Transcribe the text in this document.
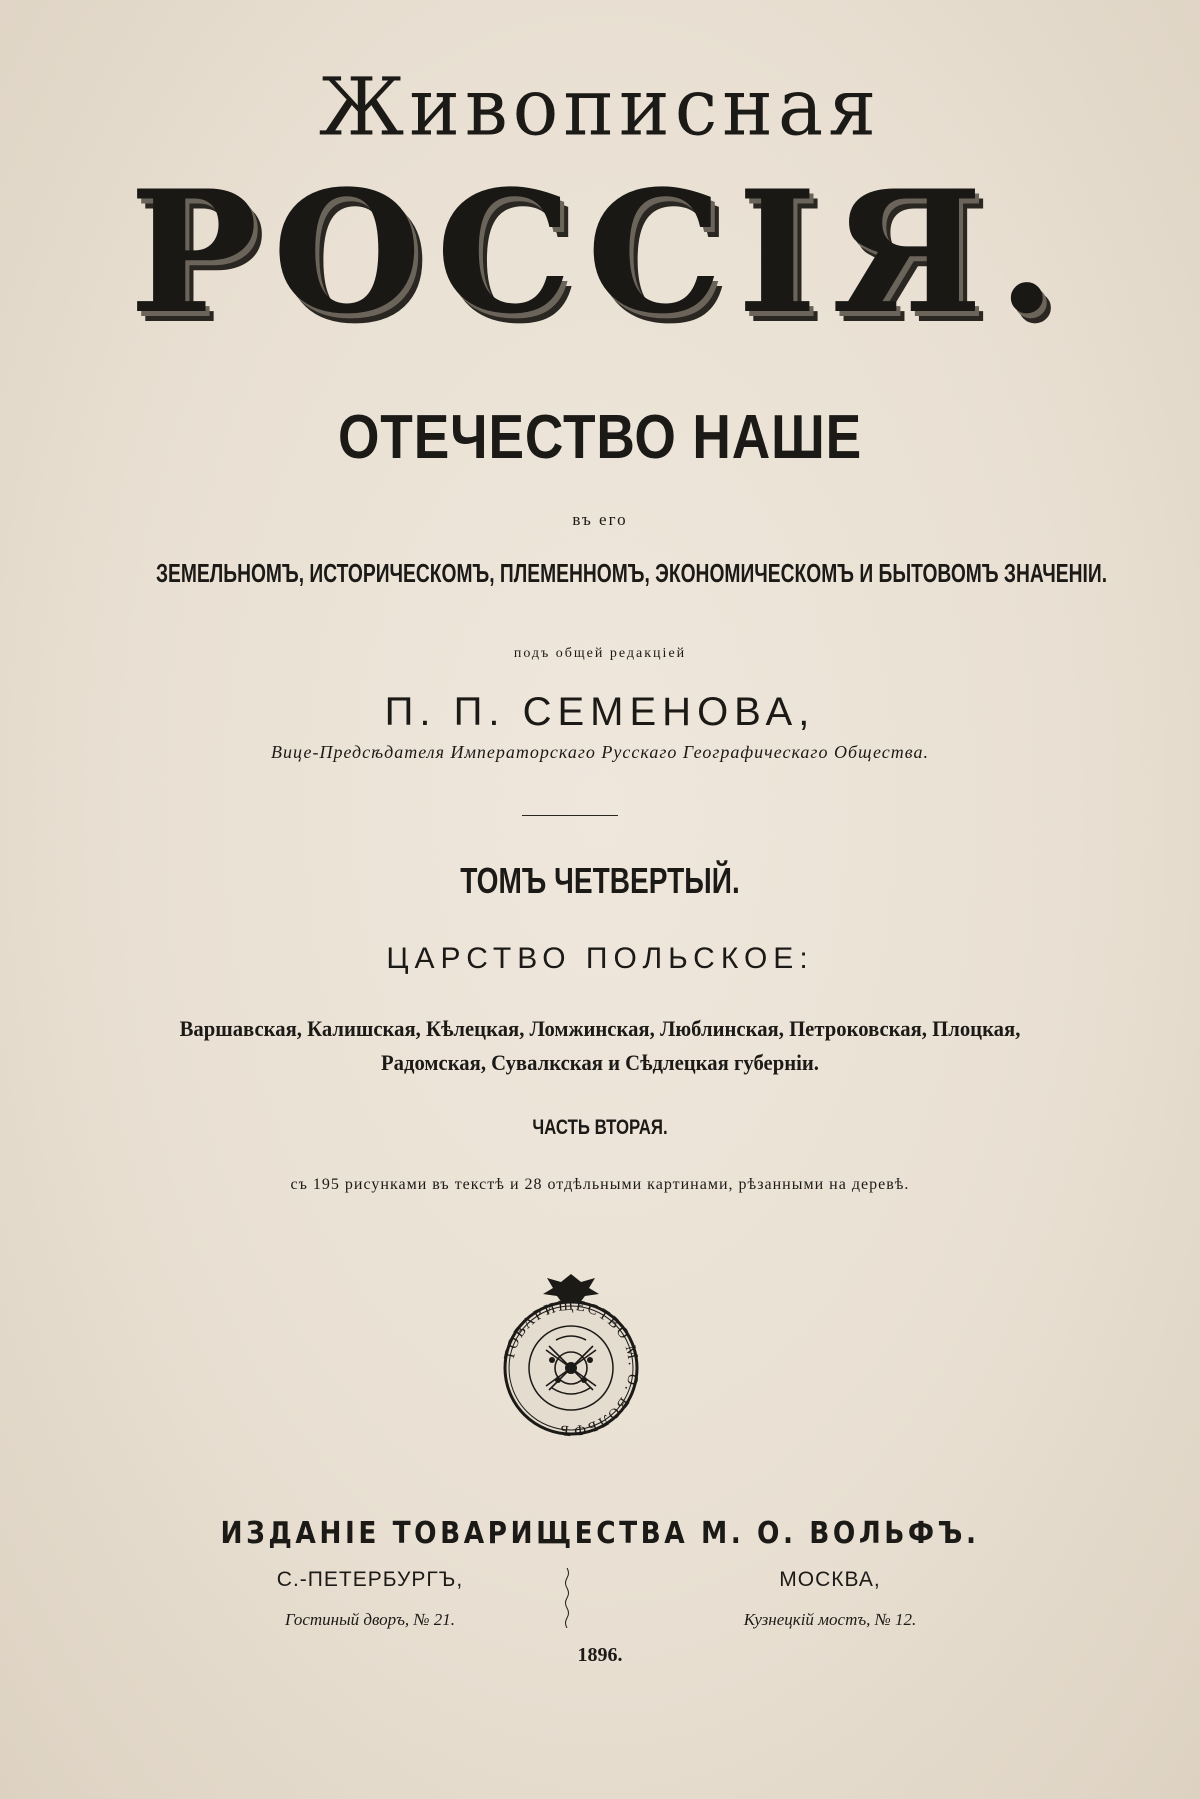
Живописная
РОССІЯ.
ОТЕЧЕСТВО НАШЕ
въ его
ЗЕМЕЛЬНОМЪ, ИСТОРИЧЕСКОМЪ, ПЛЕМЕННОМЪ, ЭКОНОМИЧЕСКОМЪ И БЫТОВОМЪ ЗНАЧЕНІИ.
подъ общей редакціей
П. П. СЕМЕНОВА,
Вице-Предсѣдателя Императорскаго Русскаго Географическаго Общества.
ТОМЪ ЧЕТВЕРТЫЙ.
ЦАРСТВО ПОЛЬСКОЕ:
Варшавская, Калишская, Кѣлецкая, Ломжинская, Люблинская, Петроковская, Плоцкая,
Радомская, Сувалкская и Сѣдлецкая губерніи.
ЧАСТЬ ВТОРАЯ.
съ 195 рисунками въ текстѣ и 28 отдѣльными картинами, рѣзанными на деревѣ.
ТОВАРИЩЕСТВО М. О. ВОЛЬФЪ
ИЗДАНІЕ ТОВАРИЩЕСТВА М. О. ВОЛЬФЪ.
С.-ПЕТЕРБУРГЪ,
Гостиный дворъ, № 21.
МОСКВА,
Кузнецкій мостъ, № 12.
1896.
